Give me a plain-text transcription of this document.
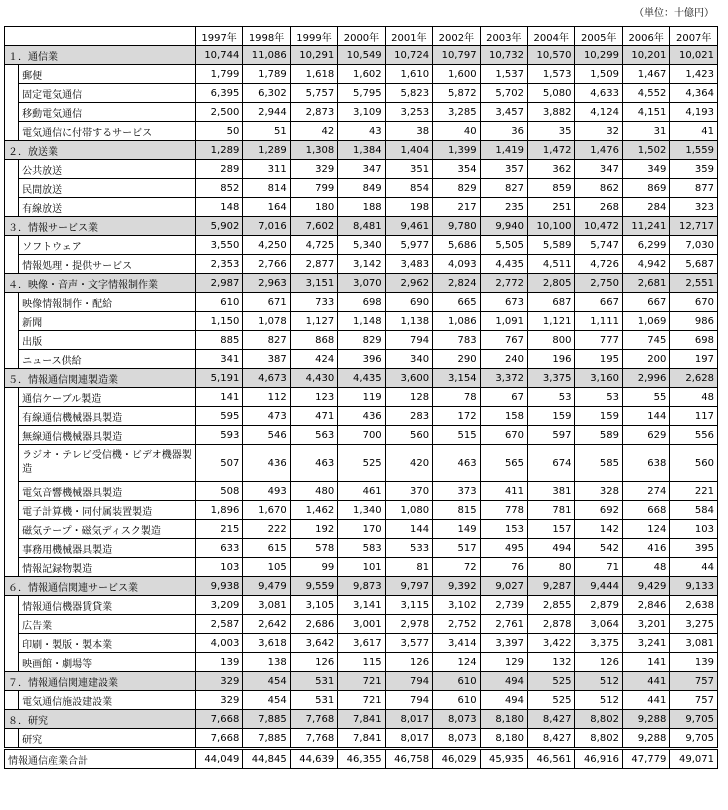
（単位：十億円）
		1997年	1998年	1999年	2000年	2001年	2002年	2003年	2004年	2005年	2006年	2007年
１．通信業		10,744	11,086	10,291	10,549	10,724	10,797	10,732	10,570	10,299	10,201	10,021
	郵便	1,799	1,789	1,618	1,602	1,610	1,600	1,537	1,573	1,509	1,467	1,423
	固定電気通信	6,395	6,302	5,757	5,795	5,823	5,872	5,702	5,080	4,633	4,552	4,364
	移動電気通信	2,500	2,944	2,873	3,109	3,253	3,285	3,457	3,882	4,124	4,151	4,193
	電気通信に付帯するサービス	50	51	42	43	38	40	36	35	32	31	41
２．放送業		1,289	1,289	1,308	1,384	1,404	1,399	1,419	1,472	1,476	1,502	1,559
	公共放送	289	311	329	347	351	354	357	362	347	349	359
	民間放送	852	814	799	849	854	829	827	859	862	869	877
	有線放送	148	164	180	188	198	217	235	251	268	284	323
３．情報サービス業		5,902	7,016	7,602	8,481	9,461	9,780	9,940	10,100	10,472	11,241	12,717
	ソフトウェア	3,550	4,250	4,725	5,340	5,977	5,686	5,505	5,589	5,747	6,299	7,030
	情報処理・提供サービス	2,353	2,766	2,877	3,142	3,483	4,093	4,435	4,511	4,726	4,942	5,687
４．映像・音声・文字情報制作業		2,987	2,963	3,151	3,070	2,962	2,824	2,772	2,805	2,750	2,681	2,551
	映像情報制作・配給	610	671	733	698	690	665	673	687	667	667	670
	新聞	1,150	1,078	1,127	1,148	1,138	1,086	1,091	1,121	1,111	1,069	986
	出版	885	827	868	829	794	783	767	800	777	745	698
	ニュース供給	341	387	424	396	340	290	240	196	195	200	197
５．情報通信関連製造業		5,191	4,673	4,430	4,435	3,600	3,154	3,372	3,375	3,160	2,996	2,628
	通信ケーブル製造	141	112	123	119	128	78	67	53	53	55	48
	有線通信機械器具製造	595	473	471	436	283	172	158	159	159	144	117
	無線通信機械器具製造	593	546	563	700	560	515	670	597	589	629	556
	ラジオ・テレビ受信機・ビデオ機器製造	507	436	463	525	420	463	565	674	585	638	560
	電気音響機械器具製造	508	493	480	461	370	373	411	381	328	274	221
	電子計算機・同付属装置製造	1,896	1,670	1,462	1,340	1,080	815	778	781	692	668	584
	磁気テープ・磁気ディスク製造	215	222	192	170	144	149	153	157	142	124	103
	事務用機械器具製造	633	615	578	583	533	517	495	494	542	416	395
	情報記録物製造	103	105	99	101	81	72	76	80	71	48	44
６．情報通信関連サービス業		9,938	9,479	9,559	9,873	9,797	9,392	9,027	9,287	9,444	9,429	9,133
	情報通信機器賃貸業	3,209	3,081	3,105	3,141	3,115	3,102	2,739	2,855	2,879	2,846	2,638
	広告業	2,587	2,642	2,686	3,001	2,978	2,752	2,761	2,878	3,064	3,201	3,275
	印刷・製版・製本業	4,003	3,618	3,642	3,617	3,577	3,414	3,397	3,422	3,375	3,241	3,081
	映画館・劇場等	139	138	126	115	126	124	129	132	126	141	139
７．情報通信関連建設業		329	454	531	721	794	610	494	525	512	441	757
	電気通信施設建設業	329	454	531	721	794	610	494	525	512	441	757
８．研究		7,668	7,885	7,768	7,841	8,017	8,073	8,180	8,427	8,802	9,288	9,705
	研究	7,668	7,885	7,768	7,841	8,017	8,073	8,180	8,427	8,802	9,288	9,705
情報通信産業合計		44,049	44,845	44,639	46,355	46,758	46,029	45,935	46,561	46,916	47,779	49,071
